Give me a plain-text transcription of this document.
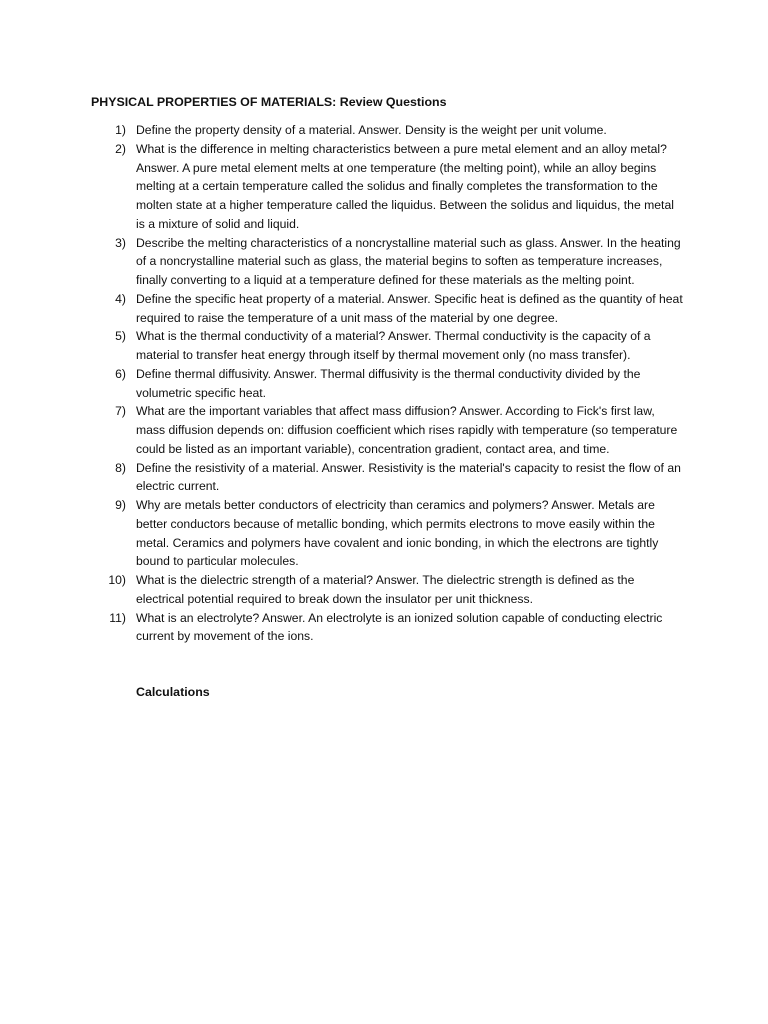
PHYSICAL PROPERTIES OF MATERIALS: Review Questions
1) Define the property density of a material. Answer. Density is the weight per unit volume.
2) What is the difference in melting characteristics between a pure metal element and an alloy metal? Answer. A pure metal element melts at one temperature (the melting point), while an alloy begins melting at a certain temperature called the solidus and finally completes the transformation to the molten state at a higher temperature called the liquidus. Between the solidus and liquidus, the metal is a mixture of solid and liquid.
3) Describe the melting characteristics of a noncrystalline material such as glass. Answer. In the heating of a noncrystalline material such as glass, the material begins to soften as temperature increases, finally converting to a liquid at a temperature defined for these materials as the melting point.
4) Define the specific heat property of a material. Answer. Specific heat is defined as the quantity of heat required to raise the temperature of a unit mass of the material by one degree.
5) What is the thermal conductivity of a material? Answer. Thermal conductivity is the capacity of a material to transfer heat energy through itself by thermal movement only (no mass transfer).
6) Define thermal diffusivity. Answer. Thermal diffusivity is the thermal conductivity divided by the volumetric specific heat.
7) What are the important variables that affect mass diffusion? Answer. According to Fick's first law, mass diffusion depends on: diffusion coefficient which rises rapidly with temperature (so temperature could be listed as an important variable), concentration gradient, contact area, and time.
8) Define the resistivity of a material. Answer. Resistivity is the material's capacity to resist the flow of an electric current.
9) Why are metals better conductors of electricity than ceramics and polymers? Answer. Metals are better conductors because of metallic bonding, which permits electrons to move easily within the metal. Ceramics and polymers have covalent and ionic bonding, in which the electrons are tightly bound to particular molecules.
10) What is the dielectric strength of a material? Answer. The dielectric strength is defined as the electrical potential required to break down the insulator per unit thickness.
11) What is an electrolyte? Answer. An electrolyte is an ionized solution capable of conducting electric current by movement of the ions.
Calculations
